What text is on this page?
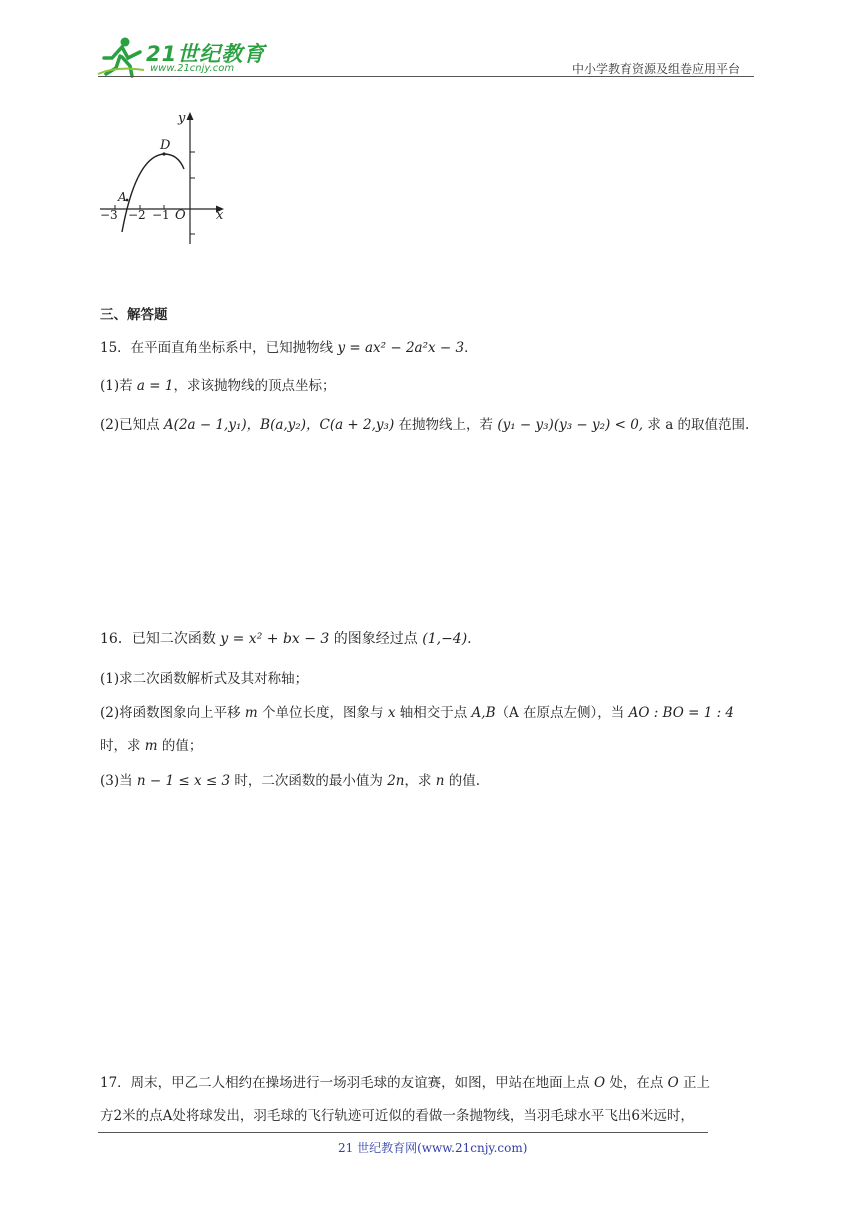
21世纪教育
www.21cnjy.com	中小学教育资源及组卷应用平台
y
x
D
A
O
−3 −2 −1
三、解答题
15．在平面直角坐标系中，已知抛物线 y = ax² − 2a²x − 3．
(1)若 a = 1，求该抛物线的顶点坐标；
(2)已知点 A(2a − 1,y₁)，B(a,y₂)，C(a + 2,y₃) 在抛物线上，若 (y₁ − y₃)(y₃ − y₂) < 0, 求 a 的取值范围.
16．已知二次函数 y = x² + bx − 3 的图象经过点 (1,−4).
(1)求二次函数解析式及其对称轴；
(2)将函数图象向上平移 m 个单位长度，图象与 x 轴相交于点 A,B（A 在原点左侧），当 AO : BO = 1 : 4
时，求 m 的值；
(3)当 n − 1 ≤ x ≤ 3 时，二次函数的最小值为 2n，求 n 的值.
17．周末，甲乙二人相约在操场进行一场羽毛球的友谊赛，如图，甲站在地面上点 O 处，在点 O 正上
方2米的点A处将球发出，羽毛球的飞行轨迹可近似的看做一条抛物线，当羽毛球水平飞出6米远时，
21 世纪教育网(www.21cnjy.com)
